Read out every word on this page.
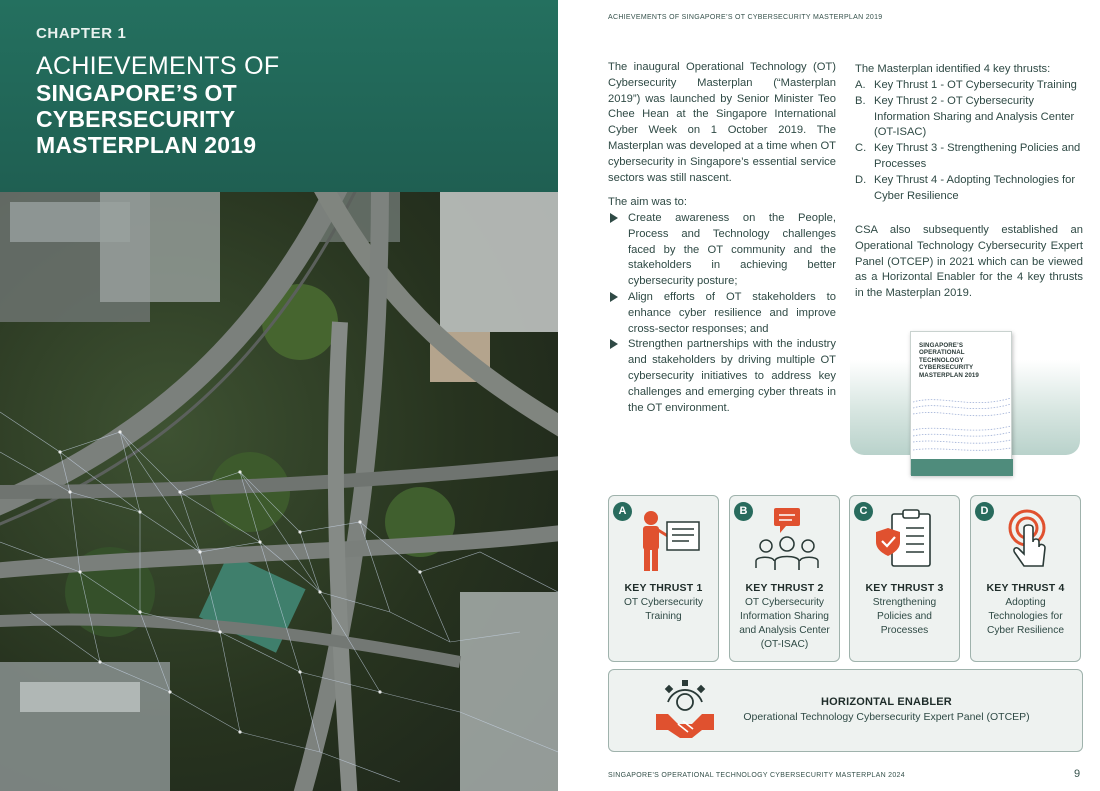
CHAPTER 1
ACHIEVEMENTS OF
SINGAPORE’S OT
CYBERSECURITY
MASTERPLAN 2019
ACHIEVEMENTS OF SINGAPORE’S OT CYBERSECURITY MASTERPLAN 2019

The inaugural Operational Technology (OT) Cybersecurity Masterplan (“Masterplan 2019”) was launched by Senior Minister Teo Chee Hean at the Singapore International Cyber Week on 1 October 2019. The Masterplan was developed at a time when OT cybersecurity in Singapore’s essential service sectors was still nascent.

The aim was to:

Create awareness on the People, Process and Technology challenges faced by the OT community and the stakeholders in achieving better cybersecurity posture;
Align efforts of OT stakeholders to enhance cyber resilience and improve cross-sector responses; and
Strengthen partnerships with the industry and stakeholders by driving multiple OT cybersecurity initiatives to address key challenges and emerging cyber threats in the OT environment.

The Masterplan identified 4 key thrusts:

A. Key Thrust 1 - OT Cybersecurity Training
B. Key Thrust 2 - OT Cybersecurity Information Sharing and Analysis Center (OT-ISAC)
C. Key Thrust 3 - Strengthening Policies and Processes
D. Key Thrust 4 - Adopting Technologies for Cyber Resilience

CSA also subsequently established an Operational Technology Cybersecurity Expert Panel (OTCEP) in 2021 which can be viewed as a Horizontal Enabler for the 4 key thrusts in the Masterplan 2019.

SINGAPORE’S OPERATIONAL TECHNOLOGY CYBERSECURITY MASTERPLAN 2019
A
KEY THRUST 1
OT Cybersecurity Training
B
KEY THRUST 2
OT Cybersecurity Information Sharing and Analysis Center (OT-ISAC)
C
KEY THRUST 3
Strengthening Policies and Processes
D
KEY THRUST 4
Adopting Technologies for Cyber Resilience
HORIZONTAL ENABLER
Operational Technology Cybersecurity Expert Panel (OTCEP)
SINGAPORE’S OPERATIONAL TECHNOLOGY CYBERSECURITY MASTERPLAN 2024	9
